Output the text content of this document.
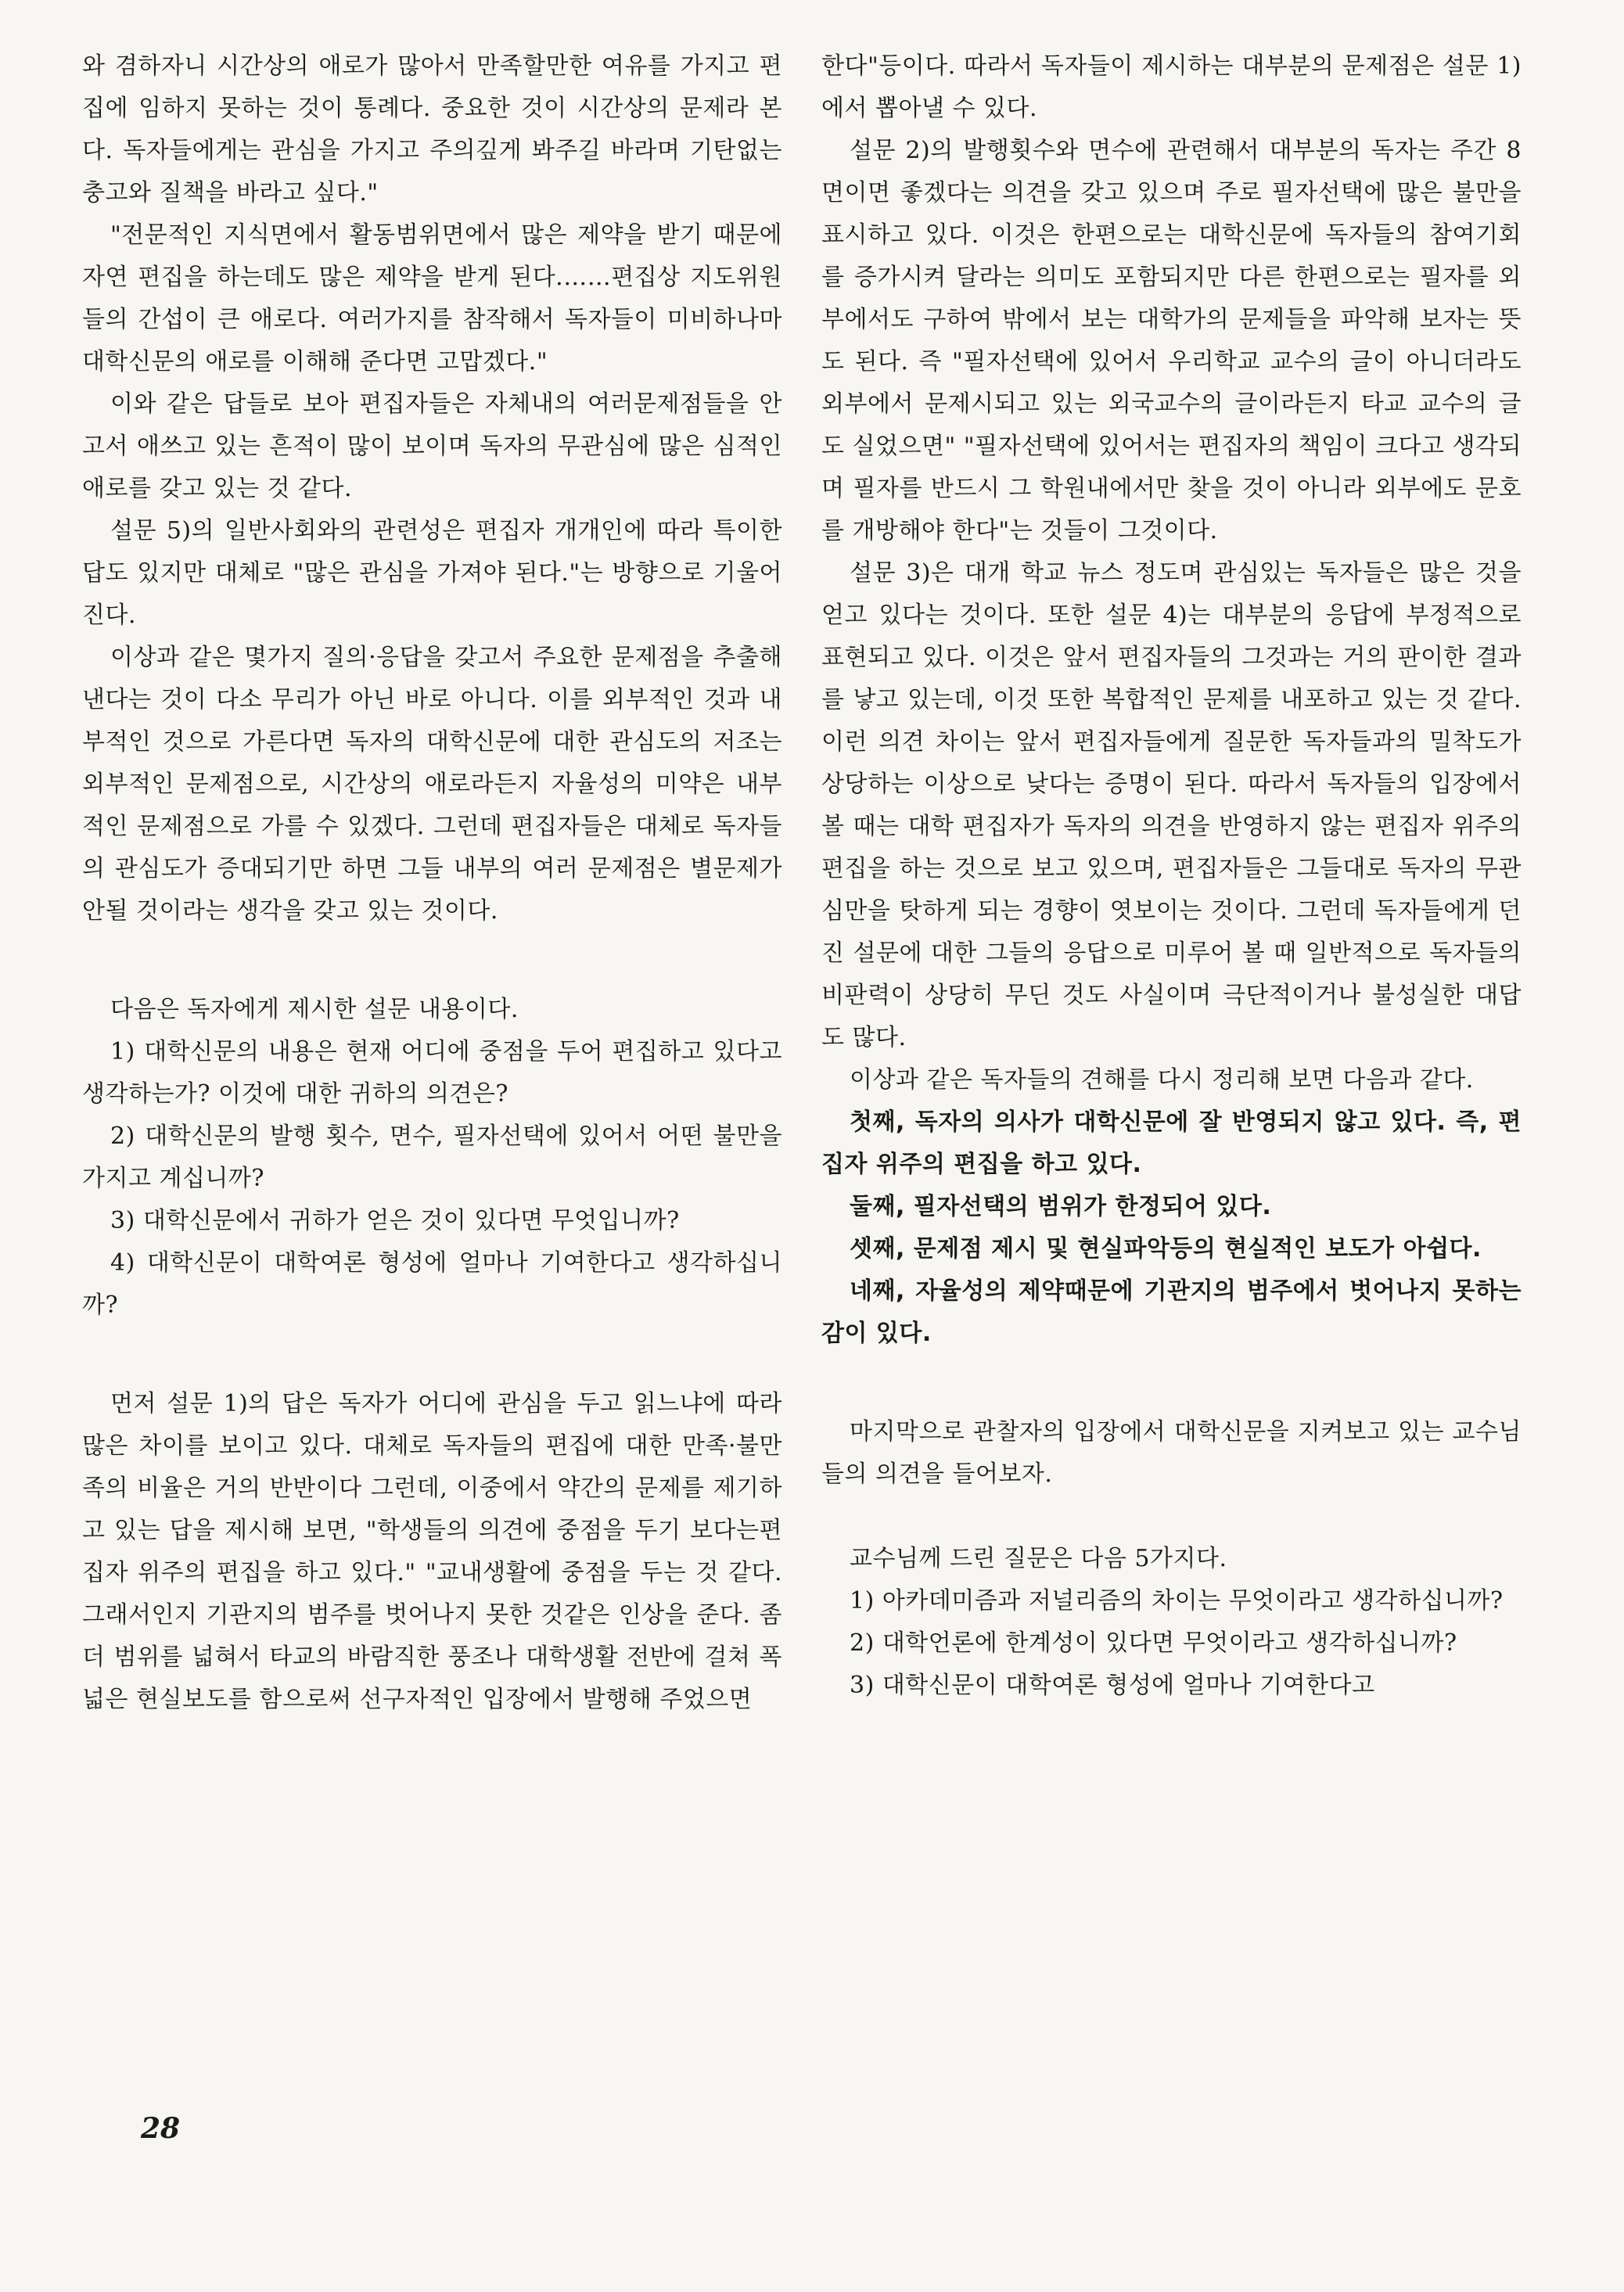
와 겸하자니 시간상의 애로가 많아서 만족할만한 여유를 가지고 편집에 임하지 못하는 것이 통례다. 중요한 것이 시간상의 문제라 본다. 독자들에게는 관심을 가지고 주의깊게 봐주길 바라며 기탄없는 충고와 질책을 바라고 싶다."

"전문적인 지식면에서 활동범위면에서 많은 제약을 받기 때문에 자연 편집을 하는데도 많은 제약을 받게 된다.……편집상 지도위원들의 간섭이 큰 애로다. 여러가지를 참작해서 독자들이 미비하나마 대학신문의 애로를 이해해 준다면 고맙겠다."

이와 같은 답들로 보아 편집자들은 자체내의 여러문제점들을 안고서 애쓰고 있는 흔적이 많이 보이며 독자의 무관심에 많은 심적인 애로를 갖고 있는 것 같다.

설문 5)의 일반사회와의 관련성은 편집자 개개인에 따라 특이한 답도 있지만 대체로 "많은 관심을 가져야 된다."는 방향으로 기울어진다.

이상과 같은 몇가지 질의·응답을 갖고서 주요한 문제점을 추출해 낸다는 것이 다소 무리가 아닌 바로 아니다. 이를 외부적인 것과 내부적인 것으로 가른다면 독자의 대학신문에 대한 관심도의 저조는 외부적인 문제점으로, 시간상의 애로라든지 자율성의 미약은 내부적인 문제점으로 가를 수 있겠다. 그런데 편집자들은 대체로 독자들의 관심도가 증대되기만 하면 그들 내부의 여러 문제점은 별문제가 안될 것이라는 생각을 갖고 있는 것이다.

다음은 독자에게 제시한 설문 내용이다.

1) 대학신문의 내용은 현재 어디에 중점을 두어 편집하고 있다고 생각하는가? 이것에 대한 귀하의 의견은?

2) 대학신문의 발행 횟수, 면수, 필자선택에 있어서 어떤 불만을 가지고 계십니까?

3) 대학신문에서 귀하가 얻은 것이 있다면 무엇입니까?

4) 대학신문이 대학여론 형성에 얼마나 기여한다고 생각하십니까?

먼저 설문 1)의 답은 독자가 어디에 관심을 두고 읽느냐에 따라 많은 차이를 보이고 있다. 대체로 독자들의 편집에 대한 만족·불만족의 비율은 거의 반반이다 그런데, 이중에서 약간의 문제를 제기하고 있는 답을 제시해 보면, "학생들의 의견에 중점을 두기 보다는편집자 위주의 편집을 하고 있다." "교내생활에 중점을 두는 것 같다. 그래서인지 기관지의 범주를 벗어나지 못한 것같은 인상을 준다. 좀 더 범위를 넓혀서 타교의 바람직한 풍조나 대학생활 전반에 걸쳐 폭넓은 현실보도를 함으로써 선구자적인 입장에서 발행해 주었으면

한다"등이다. 따라서 독자들이 제시하는 대부분의 문제점은 설문 1)에서 뽑아낼 수 있다.

설문 2)의 발행횟수와 면수에 관련해서 대부분의 독자는 주간 8면이면 좋겠다는 의견을 갖고 있으며 주로 필자선택에 많은 불만을 표시하고 있다. 이것은 한편으로는 대학신문에 독자들의 참여기회를 증가시켜 달라는 의미도 포함되지만 다른 한편으로는 필자를 외부에서도 구하여 밖에서 보는 대학가의 문제들을 파악해 보자는 뜻도 된다. 즉 "필자선택에 있어서 우리학교 교수의 글이 아니더라도 외부에서 문제시되고 있는 외국교수의 글이라든지 타교 교수의 글도 실었으면" "필자선택에 있어서는 편집자의 책임이 크다고 생각되며 필자를 반드시 그 학원내에서만 찾을 것이 아니라 외부에도 문호를 개방해야 한다"는 것들이 그것이다.

설문 3)은 대개 학교 뉴스 정도며 관심있는 독자들은 많은 것을 얻고 있다는 것이다. 또한 설문 4)는 대부분의 응답에 부정적으로 표현되고 있다. 이것은 앞서 편집자들의 그것과는 거의 판이한 결과를 낳고 있는데, 이것 또한 복합적인 문제를 내포하고 있는 것 같다. 이런 의견 차이는 앞서 편집자들에게 질문한 독자들과의 밀착도가 상당하는 이상으로 낮다는 증명이 된다. 따라서 독자들의 입장에서 볼 때는 대학 편집자가 독자의 의견을 반영하지 않는 편집자 위주의 편집을 하는 것으로 보고 있으며, 편집자들은 그들대로 독자의 무관심만을 탓하게 되는 경향이 엿보이는 것이다. 그런데 독자들에게 던진 설문에 대한 그들의 응답으로 미루어 볼 때 일반적으로 독자들의 비판력이 상당히 무딘 것도 사실이며 극단적이거나 불성실한 대답도 많다.

이상과 같은 독자들의 견해를 다시 정리해 보면 다음과 같다.

첫째, 독자의 의사가 대학신문에 잘 반영되지 않고 있다. 즉, 편집자 위주의 편집을 하고 있다.

둘째, 필자선택의 범위가 한정되어 있다.

셋째, 문제점 제시 및 현실파악등의 현실적인 보도가 아쉽다.

네째, 자율성의 제약때문에 기관지의 범주에서 벗어나지 못하는 감이 있다.

마지막으로 관찰자의 입장에서 대학신문을 지켜보고 있는 교수님들의 의견을 들어보자.

교수님께 드린 질문은 다음 5가지다.

1) 아카데미즘과 저널리즘의 차이는 무엇이라고 생각하십니까?

2) 대학언론에 한계성이 있다면 무엇이라고 생각하십니까?

3) 대학신문이 대학여론 형성에 얼마나 기여한다고

28
